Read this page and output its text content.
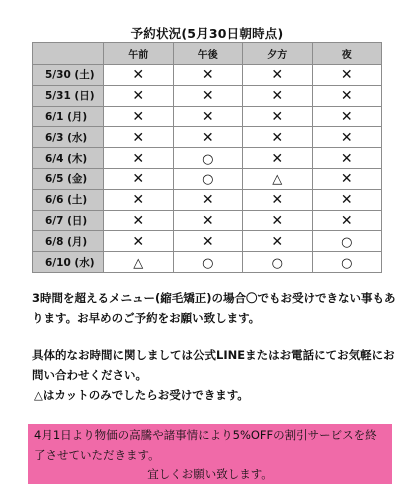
予約状況(5月30日朝時点)
	午前	午後	夕方	夜
5/30 (土)	✕	✕	✕	✕
5/31 (日)	✕	✕	✕	✕
6/1 (月)	✕	✕	✕	✕
6/3 (水)	✕	✕	✕	✕
6/4 (木)	✕	○	✕	✕
6/5 (金)	✕	○	△	✕
6/6 (土)	✕	✕	✕	✕
6/7 (日)	✕	✕	✕	✕
6/8 (月)	✕	✕	✕	○
6/10 (水)	△	○	○	○

3時間を超えるメニュー(縮毛矯正)の場合〇でもお受けできない事もあります。お早めのご予約をお願い致します。

具体的なお時間に関しましては公式LINEまたはお電話にてお気軽にお問い合わせください。
△はカットのみでしたらお受けできます。
4月1日より物価の高騰や諸事情により5%OFFの割引サービスを終了させていただきます。
宜しくお願い致します。
